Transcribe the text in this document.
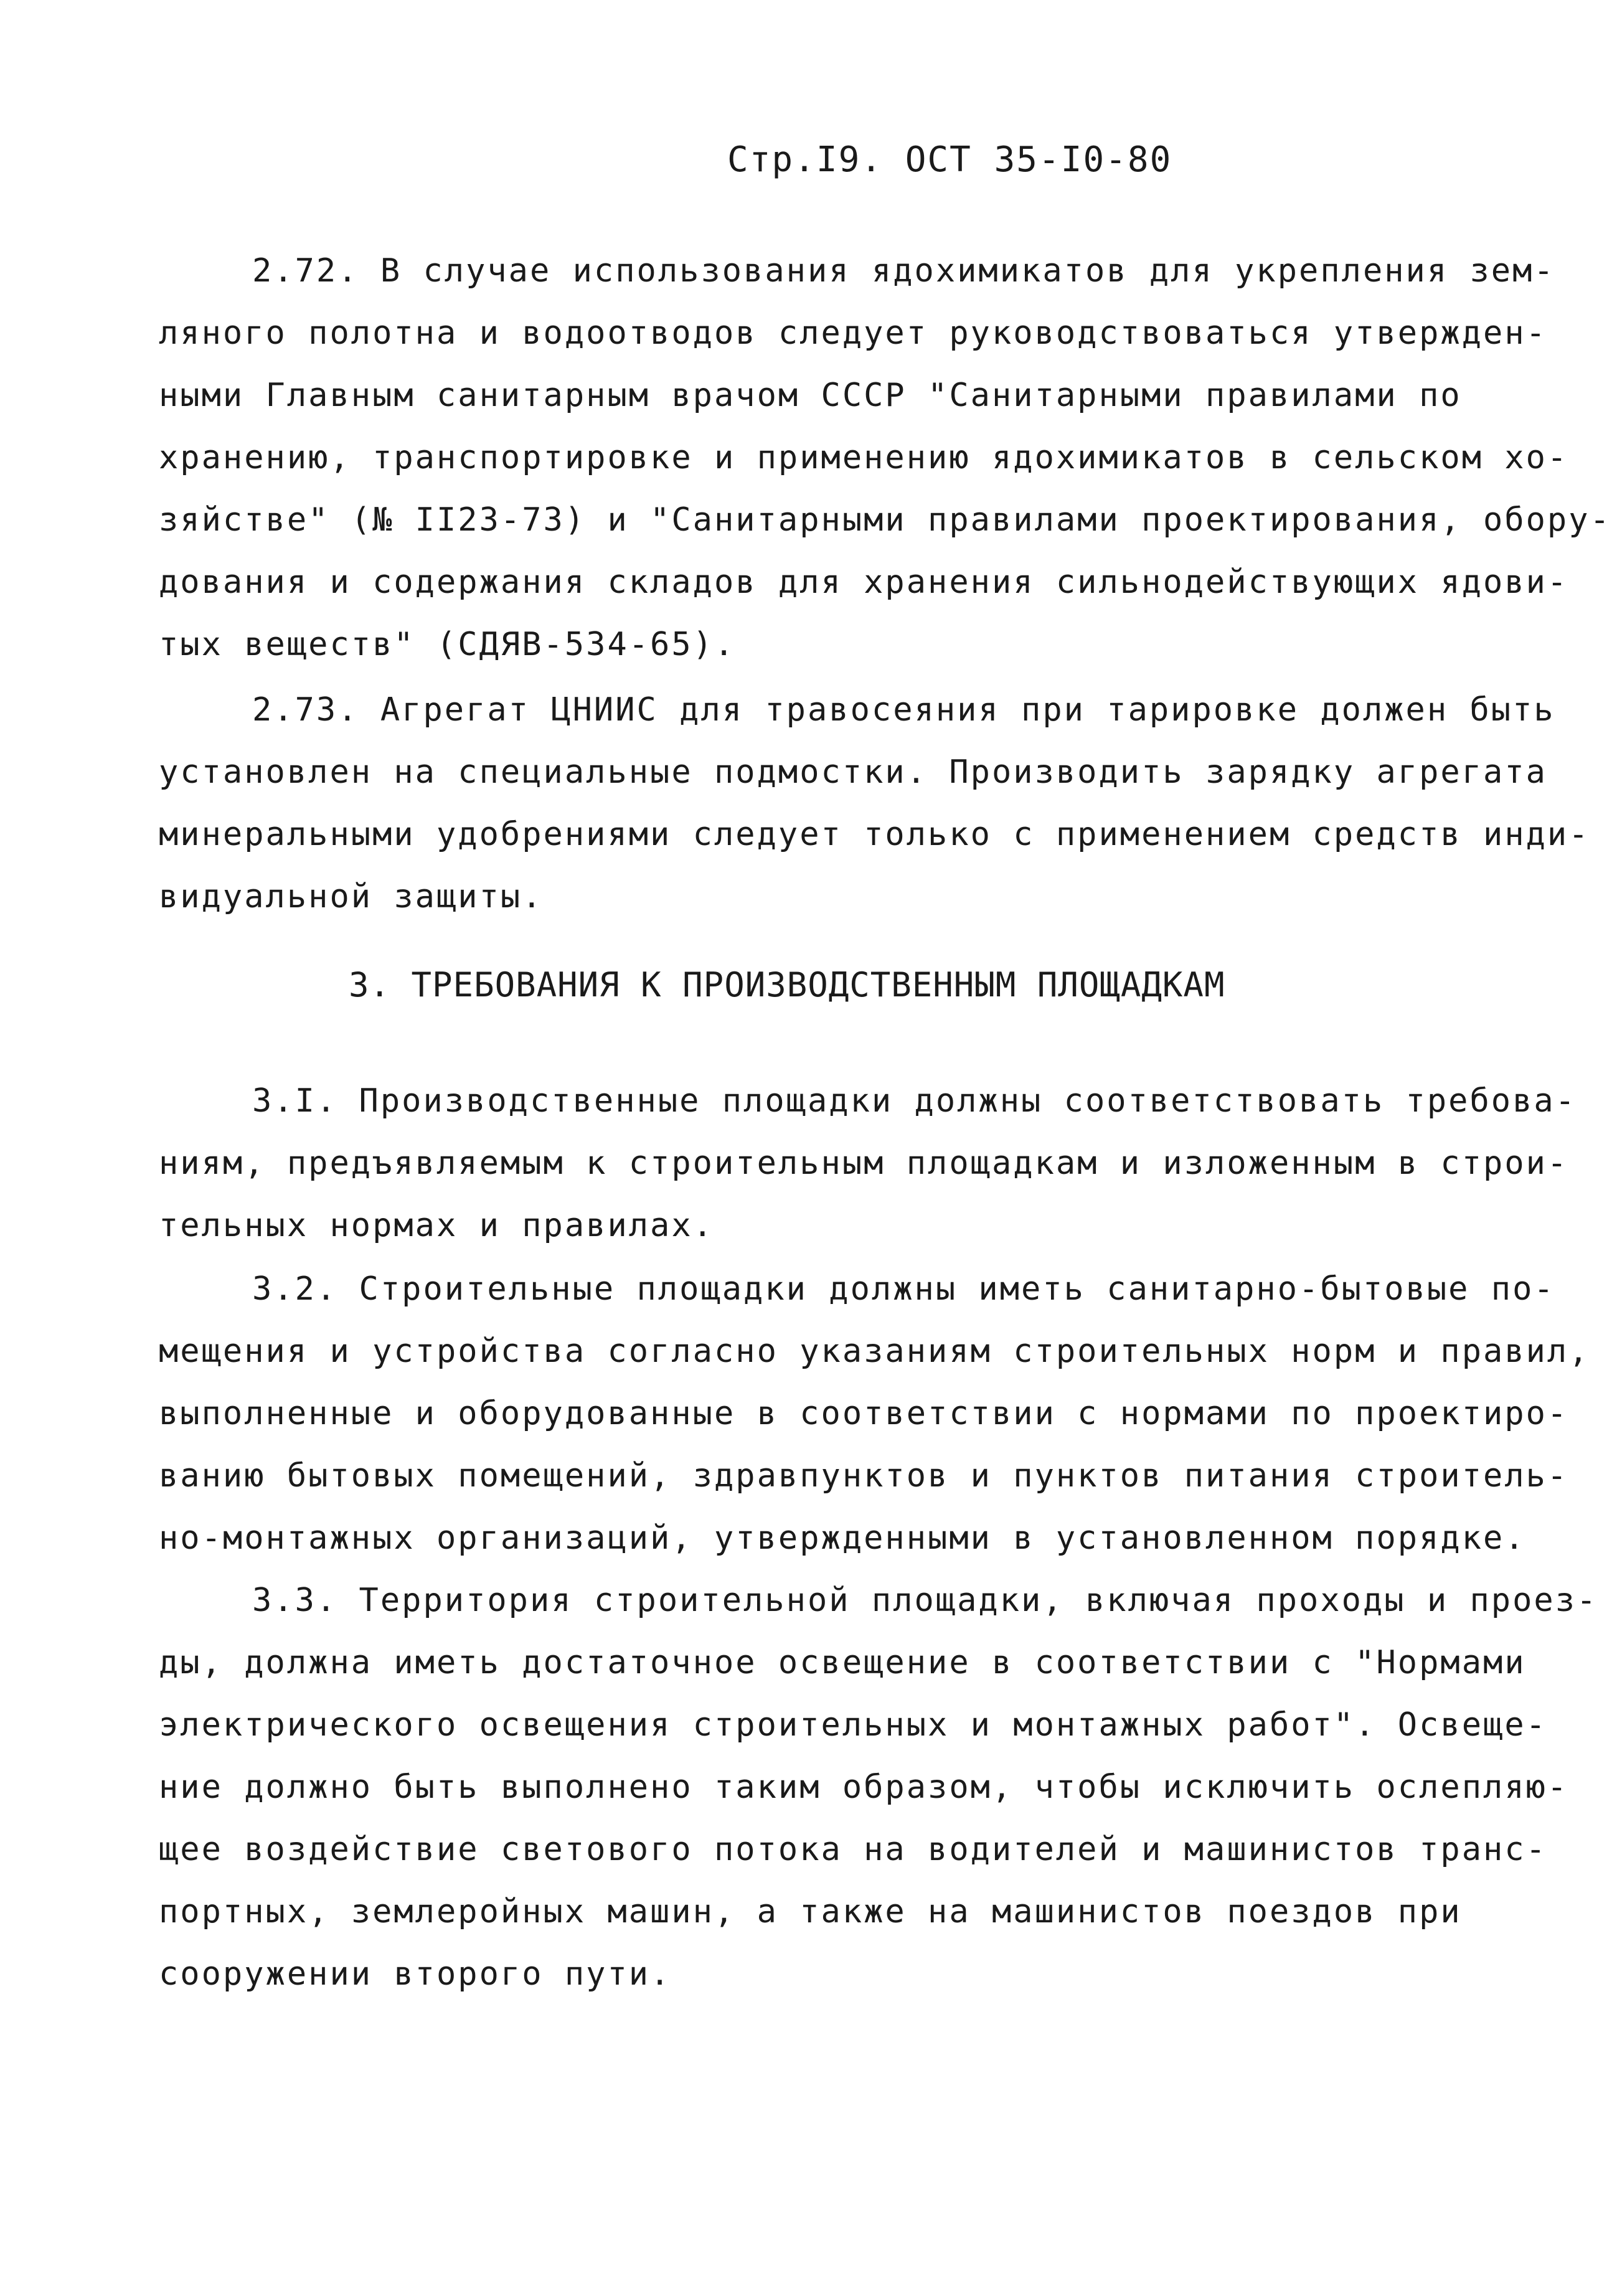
Стр.I9. ОСТ 35-I0-80
2.72. В случае использования ядохимикатов для укрепления зем-
ляного полотна и водоотводов следует руководствоваться утвержден-
ными Главным санитарным врачом СССР "Санитарными правилами по
хранению, транспортировке и применению ядохимикатов в сельском хо-
зяйстве" (№ II23-73) и "Санитарными правилами проектирования, обору-
дования и содержания складов для хранения сильнодействующих ядови-
тых веществ" (СДЯВ-534-65).
2.73. Агрегат ЦНИИС для травосеяния при тарировке должен быть
установлен на специальные подмостки. Производить зарядку агрегата
минеральными удобрениями следует только с применением средств инди-
видуальной защиты.
3. ТРЕБОВАНИЯ К ПРОИЗВОДСТВЕННЫМ ПЛОЩАДКАМ
3.I. Производственные площадки должны соответствовать требова-
ниям, предъявляемым к строительным площадкам и изложенным в строи-
тельных нормах и правилах.
3.2. Строительные площадки должны иметь санитарно-бытовые по-
мещения и устройства согласно указаниям строительных норм и правил,
выполненные и оборудованные в соответствии с нормами по проектиро-
ванию бытовых помещений, здравпунктов и пунктов питания строитель-
но-монтажных организаций, утвержденными в установленном порядке.
3.3. Территория строительной площадки, включая проходы и проез-
ды, должна иметь достаточное освещение в соответствии с "Нормами
электрического освещения строительных и монтажных работ". Освеще-
ние должно быть выполнено таким образом, чтобы исключить ослепляю-
щее воздействие светового потока на водителей и машинистов транс-
портных, землеройных машин, а также на машинистов поездов при
сооружении второго пути.
